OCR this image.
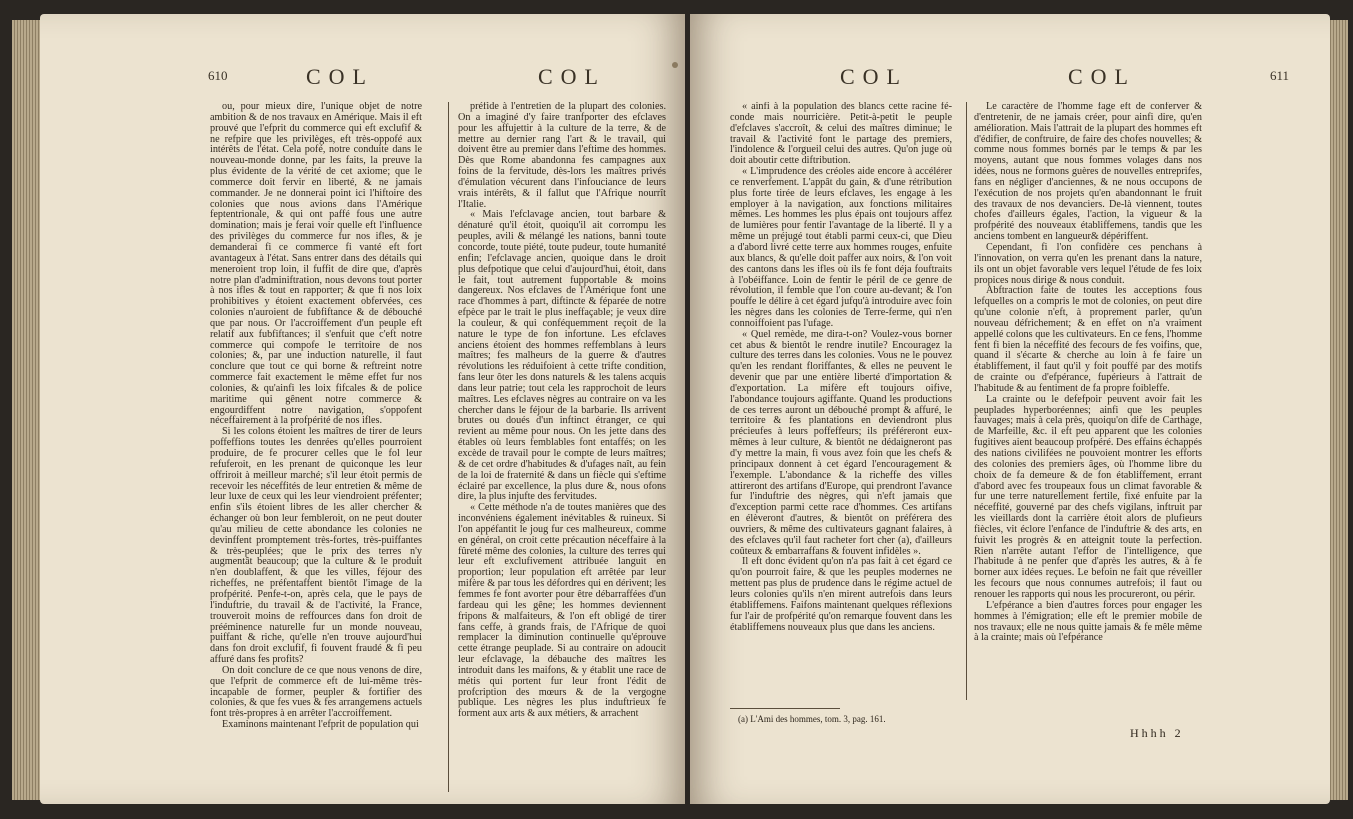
610	COL	COL

ou, pour mieux dire, l'unique objet de notre ambition & de nos travaux en Amérique. Mais il eft prouvé que l'efprit du commerce qui eft exclufif & ne refpire que les privilèges, eft très-oppofé aux intérêts de l'état. Cela pofé, notre conduite dans le nouveau-monde donne, par les faits, la preuve la plus évidente de la vérité de cet axiome; que le commerce doit fervir en liberté, & ne jamais commander. Je ne donnerai point ici l'hiftoire des colonies que nous avions dans l'Amérique feptentrionale, & qui ont paffé fous une autre domination; mais je ferai voir quelle eft l'influence des privilèges du commerce fur nos ifles, & je demanderai fi ce commerce fi vanté eft fort avantageux à l'état. Sans entrer dans des détails qui meneroient trop loin, il fuffit de dire que, d'après notre plan d'adminiftration, nous devons tout porter à nos ifles & tout en rapporter; & que fi nos loix prohibitives y étoient exactement obfervées, ces colonies n'auroient de fubfiftance & de débouché que par nous. Or l'accroiffement d'un peuple eft relatif aux fubfiftances; il s'enfuit que c'eft notre commerce qui compofe le territoire de nos colonies; &, par une induction naturelle, il faut conclure que tout ce qui borne & reftreint notre commerce fait exactement le même effet fur nos colonies, & qu'ainfi les loix fifcales & de police maritime qui gênent notre commerce & engourdiffent notre navigation, s'oppofent néceffairement à la profpérité de nos ifles.

Si les colons étoient les maîtres de tirer de leurs poffeffions toutes les denrées qu'elles pourroient produire, de fe procurer celles que le fol leur refuferoit, en les prenant de quiconque les leur offriroit à meilleur marché; s'il leur étoit permis de recevoir les néceffités de leur entretien & même de leur luxe de ceux qui les leur viendroient préfenter; enfin s'ils étoient libres de les aller chercher & échanger où bon leur fembleroit, on ne peut douter qu'au milieu de cette abondance les colonies ne devinffent promptement très-fortes, très-puiffantes & très-peuplées; que le prix des terres n'y augmentât beaucoup; que la culture & le produit n'en doublaffent, & que les villes, féjour des richeffes, ne préfentaffent bientôt l'image de la profpérité. Penfe-t-on, après cela, que le pays de l'induftrie, du travail & de l'activité, la France, trouveroit moins de reffources dans fon droit de prééminence naturelle fur un monde nouveau, puiffant & riche, qu'elle n'en trouve aujourd'hui dans fon droit exclufif, fi fouvent fraudé & fi peu affuré dans fes profits?

On doit conclure de ce que nous venons de dire, que l'efprit de commerce eft de lui-même très-incapable de former, peupler & fortifier des colonies, & que fes vues & fes arrangemens actuels font très-propres à en arrêter l'accroiffement.

Examinons maintenant l'efprit de population qui

préfide à l'entretien de la plupart des colonies. On a imaginé d'y faire tranfporter des efclaves pour les affujettir à la culture de la terre, & de mettre au dernier rang l'art & le travail, qui doivent être au premier dans l'eftime des hommes. Dès que Rome abandonna fes campagnes aux foins de la fervitude, dès-lors les maîtres privés d'émulation vécurent dans l'infouciance de leurs vrais intérêts, & il fallut que l'Afrique nourrît l'Italie.

« Mais l'efclavage ancien, tout barbare & dénaturé qu'il étoit, quoiqu'il ait corrompu les peuples, avili & mélangé les nations, banni toute concorde, toute piété, toute pudeur, toute humanité enfin; l'efclavage ancien, quoique dans le droit plus defpotique que celui d'aujourd'hui, étoit, dans le fait, tout autrement fupportable & moins dangereux. Nos efclaves de l'Amérique font une race d'hommes à part, diftincte & féparée de notre efpèce par le trait le plus ineffaçable; je veux dire la couleur, & qui conféquemment reçoit de la nature le type de fon infortune. Les efclaves anciens étoient des hommes reffemblans à leurs maîtres; fes malheurs de la guerre & d'autres révolutions les réduifoient à cette trifte condition, fans leur ôter les dons naturels & les talens acquis dans leur patrie; tout cela les rapprochoit de leurs maîtres. Les efclaves nègres au contraire on va les chercher dans le féjour de la barbarie. Ils arrivent brutes ou doués d'un inftinct étranger, ce qui revient au même pour nous. On les jette dans des étables où leurs femblables font entaffés; on les excède de travail pour le compte de leurs maîtres; & de cet ordre d'habitudes & d'ufages naît, au fein de la loi de fraternité & dans un fiècle qui s'eftime éclairé par excellence, la plus dure &, nous ofons dire, la plus injufte des fervitudes.

« Cette méthode n'a de toutes manières que des inconvéniens également inévitables & ruineux. Si l'on appéfantit le joug fur ces malheureux, comme en général, on croit cette précaution néceffaire à la fûreté même des colonies, la culture des terres qui leur eft exclufivement attribuée languit en proportion; leur population eft arrêtée par leur mifère & par tous les défordres qui en dérivent; les femmes fe font avorter pour être débarraffées d'un fardeau qui les gêne; les hommes deviennent fripons & malfaiteurs, & l'on eft obligé de tirer fans ceffe, à grands frais, de l'Afrique de quoi remplacer la diminution continuelle qu'éprouve cette étrange peuplade. Si au contraire on adoucit leur efclavage, la débauche des maîtres les introduit dans les maifons, & y établit une race de métis qui portent fur leur front l'édit de profcription des mœurs & de la vergogne publique. Les nègres les plus induftrieux fe forment aux arts & aux métiers, & arrachent

COL	COL	611

« ainfi à la population des blancs cette racine fé-conde mais nourricière. Petit-à-petit le peuple d'efclaves s'accroît, & celui des maîtres diminue; le travail & l'activité font le partage des premiers, l'indolence & l'orgueil celui des autres. Qu'on juge où doit aboutir cette diftribution.

« L'imprudence des créoles aide encore à accélérer ce renverfement. L'appât du gain, & d'une rétribution plus forte tirée de leurs efclaves, les engage à les employer à la navigation, aux fonctions militaires mêmes. Les hommes les plus épais ont toujours affez de lumières pour fentir l'avantage de la liberté. Il y a même un préjugé tout établi parmi ceux-ci, que Dieu a d'abord livré cette terre aux hommes rouges, enfuite aux blancs, & qu'elle doit paffer aux noirs, & l'on voit des cantons dans les ifles où ils fe font déja fouftraits à l'obéiffance. Loin de fentir le péril de ce genre de révolution, il femble que l'on coure au-devant; & l'on pouffe le délire à cet égard jufqu'à introduire avec foin les nègres dans les colonies de Terre-ferme, qui n'en connoiffoient pas l'ufage.

« Quel remède, me dira-t-on? Voulez-vous borner cet abus & bientôt le rendre inutile? Encouragez la culture des terres dans les colonies. Vous ne le pouvez qu'en les rendant floriffantes, & elles ne peuvent le devenir que par une entière liberté d'importation & d'exportation. La mifère eft toujours oifive, l'abondance toujours agiffante. Quand les productions de ces terres auront un débouché prompt & affuré, le territoire & fes plantations en deviendront plus précieufes à leurs poffeffeurs; ils préféreront eux-mêmes à leur culture, & bientôt ne dédaigneront pas d'y mettre la main, fi vous avez foin que les chefs & principaux donnent à cet égard l'encouragement & l'exemple. L'abondance & la richeffe des villes attireront des artifans d'Europe, qui prendront l'avance fur l'induftrie des nègres, qui n'eft jamais que d'exception parmi cette race d'hommes. Ces artifans en élèveront d'autres, & bientôt on préférera des ouvriers, & même des cultivateurs gagnant falaires, à des efclaves qu'il faut racheter fort cher (a), d'ailleurs coûteux & embarraffans & fouvent infidèles ».

Il eft donc évident qu'on n'a pas fait à cet égard ce qu'on pourroit faire, & que les peuples modernes ne mettent pas plus de prudence dans le régime actuel de leurs colonies qu'ils n'en mirent autrefois dans leurs établiffemens. Faifons maintenant quelques réflexions fur l'air de profpérité qu'on remarque fouvent dans les établiffemens nouveaux plus que dans les anciens.

Le caractère de l'homme fage eft de conferver & d'entretenir, de ne jamais créer, pour ainfi dire, qu'en amélioration. Mais l'attrait de la plupart des hommes eft d'édifier, de conftruire, de faire des chofes nouvelles; & comme nous fommes bornés par le temps & par les moyens, autant que nous fommes volages dans nos idées, nous ne formons guères de nouvelles entreprifes, fans en négliger d'anciennes, & ne nous occupons de l'exécution de nos projets qu'en abandonnant le fruit des travaux de nos devanciers. De-là viennent, toutes chofes d'ailleurs égales, l'action, la vigueur & la profpérité des nouveaux établiffemens, tandis que les anciens tombent en langueur& dépériffent.

Cependant, fi l'on confidère ces penchans à l'innovation, on verra qu'en les prenant dans la nature, ils ont un objet favorable vers lequel l'étude de fes loix propices nous dirige & nous conduit.

Abftraction faite de toutes les acceptions fous lefquelles on a compris le mot de colonies, on peut dire qu'une colonie n'eft, à proprement parler, qu'un nouveau défrichement; & en effet on n'a vraiment appellé colons que les cultivateurs. En ce fens, l'homme fent fi bien la néceffité des fecours de fes voifins, que, quand il s'écarte & cherche au loin à fe faire un établiffement, il faut qu'il y foit pouffé par des motifs de crainte ou d'efpérance, fupérieurs à l'attrait de l'habitude & au fentiment de fa propre foibleffe.

La crainte ou le defefpoir peuvent avoir fait les peuplades hyperboréennes; ainfi que les peuples fauvages; mais à cela près, quoiqu'on dife de Carthage, de Marfeille, &c. il eft peu apparent que les colonies fugitives aient beaucoup profpéré. Des effains échappés des nations civilifées ne pouvoient montrer les efforts des colonies des premiers âges, où l'homme libre du choix de fa demeure & de fon établiffement, errant d'abord avec fes troupeaux fous un climat favorable & fur une terre naturellement fertile, fixé enfuite par la néceffité, gouverné par des chefs vigilans, inftruit par les vieillards dont la carrière étoit alors de plufieurs fiècles, vit éclore l'enfance de l'induftrie & des arts, en fuivit les progrès & en atteignit toute la perfection. Rien n'arrête autant l'effor de l'intelligence, que l'habitude à ne penfer que d'après les autres, & à fe borner aux idées reçues. Le befoin ne fait que réveiller les fecours que nous connumes autrefois; il faut ou renouer les rapports qui nous les procureront, ou périr.

L'efpérance a bien d'autres forces pour engager les hommes à l'émigration; elle eft le premier mobile de nos travaux; elle ne nous quitte jamais & fe mêle même à la crainte; mais où l'efpérance

(a) L'Ami des hommes, tom. 3, pag. 161.
Hhhh 2
